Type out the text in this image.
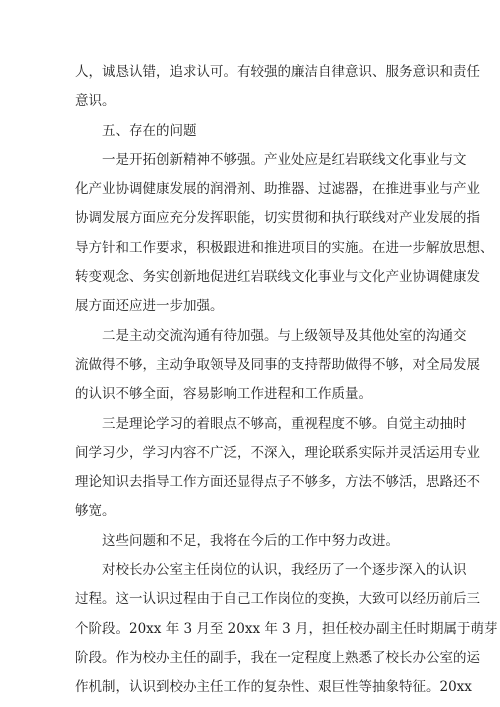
人，诚恳认错，追求认可。有较强的廉洁自律意识、服务意识和责任
意识。
五、存在的问题
一是开拓创新精神不够强。产业处应是红岩联线文化事业与文
化产业协调健康发展的润滑剂、助推器、过滤器，在推进事业与产业
协调发展方面应充分发挥职能，切实贯彻和执行联线对产业发展的指
导方针和工作要求，积极跟进和推进项目的实施。在进一步解放思想、
转变观念、务实创新地促进红岩联线文化事业与文化产业协调健康发
展方面还应进一步加强。
二是主动交流沟通有待加强。与上级领导及其他处室的沟通交
流做得不够，主动争取领导及同事的支持帮助做得不够，对全局发展
的认识不够全面，容易影响工作进程和工作质量。
三是理论学习的着眼点不够高，重视程度不够。自觉主动抽时
间学习少，学习内容不广泛，不深入，理论联系实际并灵活运用专业
理论知识去指导工作方面还显得点子不够多，方法不够活，思路还不
够宽。
这些问题和不足，我将在今后的工作中努力改进。
对校长办公室主任岗位的认识，我经历了一个逐步深入的认识
过程。这一认识过程由于自己工作岗位的变换，大致可以经历前后三
个阶段。20xx 年 3 月至 20xx 年 3 月，担任校办副主任时期属于萌芽
阶段。作为校办主任的副手，我在一定程度上熟悉了校长办公室的运
作机制，认识到校办主任工作的复杂性、艰巨性等抽象特征。20xx
